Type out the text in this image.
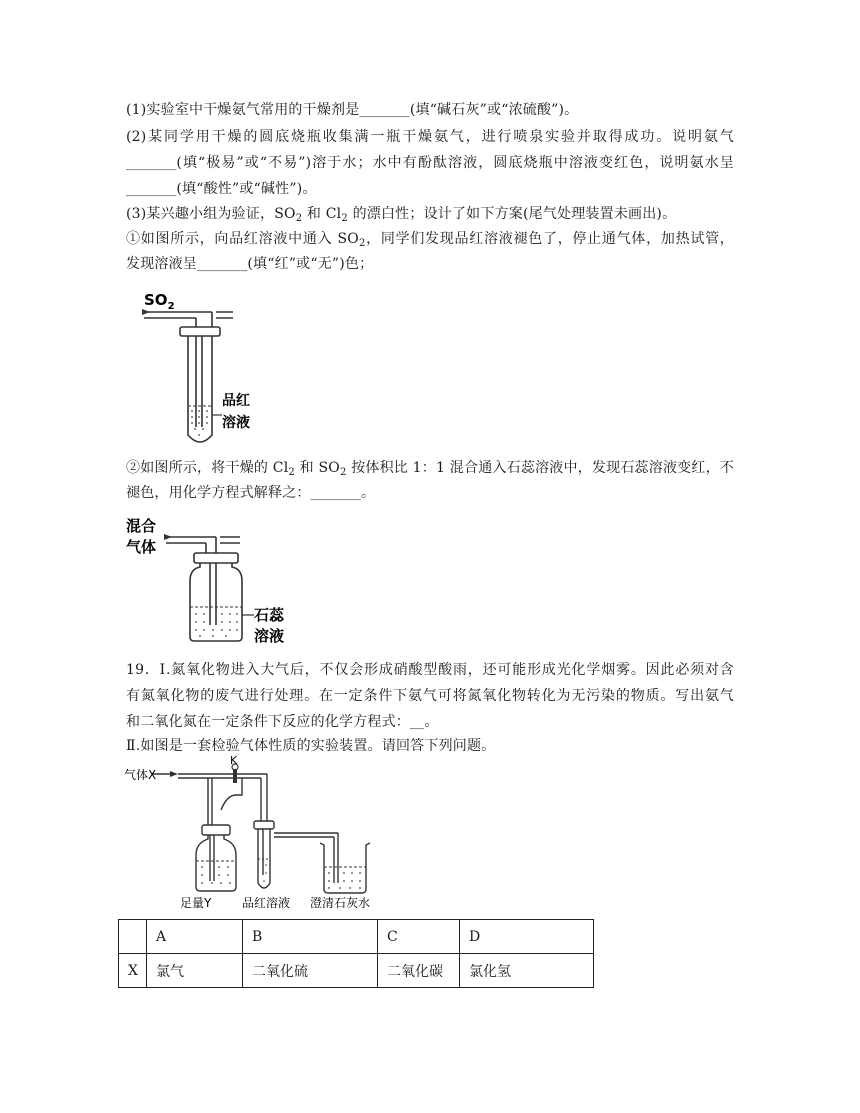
(1)实验室中干燥氨气常用的干燥剂是_______(填“碱石灰”或“浓硫酸”)。
(2)某同学用干燥的圆底烧瓶收集满一瓶干燥氨气，进行喷泉实验并取得成功。说明氨气
_______(填“极易”或“不易”)溶于水；水中有酚酞溶液，圆底烧瓶中溶液变红色，说明氨水呈
_______(填“酸性”或“碱性”)。
(3)某兴趣小组为验证，$SO_2$ 和 $Cl_2$ 的漂白性；设计了如下方案(尾气处理装置未画出)。
①如图所示，向品红溶液中通入 $SO_2$，同学们发现品红溶液褪色了，停止通气体，加热试管，
发现溶液呈_______(填“红”或“无”)色；
$SO_2$
品红
溶液
②如图所示，将干燥的 $Cl_2$ 和 $SO_2$ 按体积比 1：1 混合通入石蕊溶液中，发现石蕊溶液变红，不
褪色，用化学方程式解释之：_______。
混合
气体
石蕊
溶液
19．Ⅰ.氮氧化物进入大气后，不仅会形成硝酸型酸雨，还可能形成光化学烟雾。因此必须对含
有氮氧化物的废气进行处理。在一定条件下氨气可将氮氧化物转化为无污染的物质。写出氨气
和二氧化氮在一定条件下反应的化学方程式：__。
Ⅱ.如图是一套检验气体性质的实验装置。请回答下列问题。
气体X
K
足量Y	品红溶液 澄清石灰水
	A	B	C	D
X	氯气	二氧化硫	二氧化碳	氯化氢
